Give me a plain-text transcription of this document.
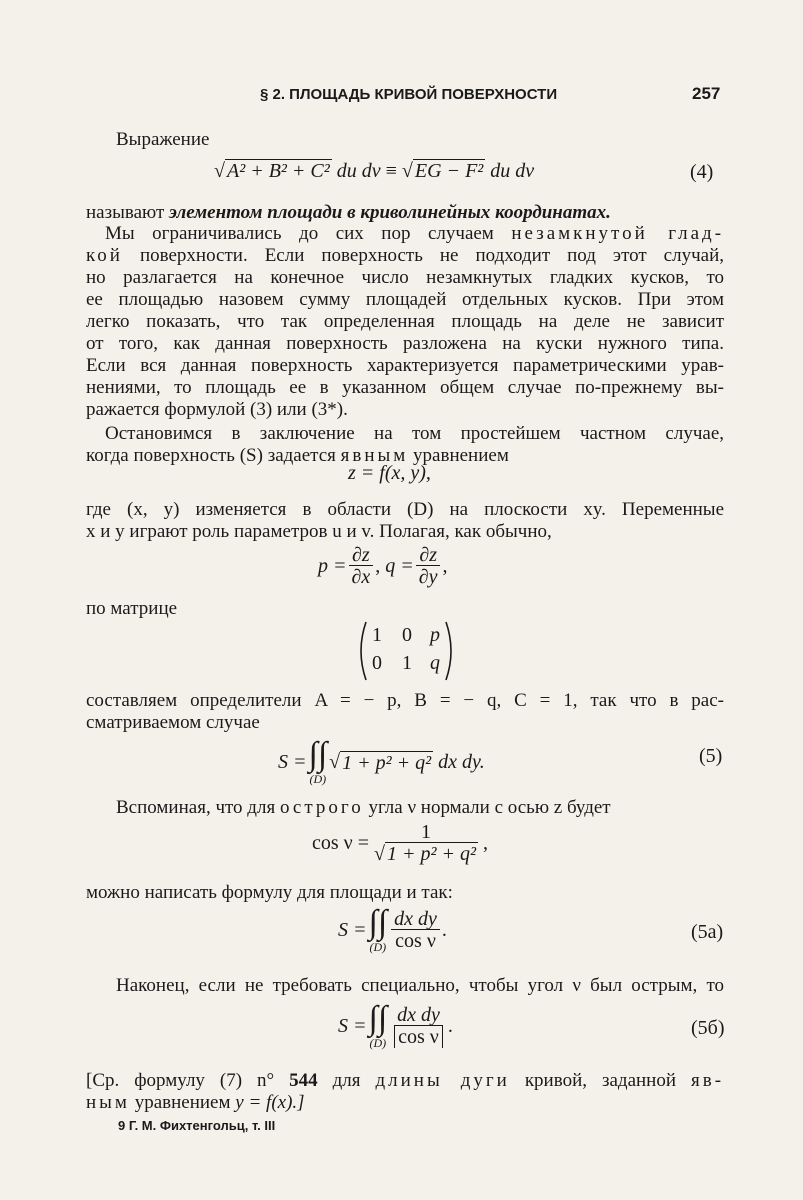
§ 2. ПЛОЩАДЬ КРИВОЙ ПОВЕРХНОСТИ	257
Выражение
√ A² + B² + C² du dv ≡ √ EG − F² du dv	(4)
называют элементом площади в криволинейных координатах.
 Мы ограничивались до сих пор случаем незамкнутой глад-
кой поверхности. Если поверхность не подходит под этот случай,
но разлагается на конечное число незамкнутых гладких кусков, то
ее площадью назовем сумму площадей отдельных кусков. При этом
легко показать, что так определенная площадь на деле не зависит
от того, как данная поверхность разложена на куски нужного типа.
Если вся данная поверхность характеризуется параметрическими урав-
нениями, то площадь ее в указанном общем случае по-прежнему вы-
ражается формулой (3) или (3*).
 Остановимся в заключение на том простейшем частном случае,
когда поверхность (S) задается явным уравнением
z = f(x, y),
где (x, y) изменяется в области (D) на плоскости xy. Переменные
x и y играют роль параметров u и v. Полагая, как обычно,
$p = \frac{\partial z}{\partial x}$ ,
$q = \frac{\partial z}{\partial y}$ ,
по матрице
1 0 p
0 1 q
составляем определители A = − p, B = − q, C = 1, так что в рас-
сматриваемом случае
S = ∫∫
(D)
√ 1 + p² + q²
dx dy.	(5)
Вспоминая, что для острого угла ν нормали с осью z будет
$\cos \nu = \frac{1}{\text{√ 1 + p² + q²}}$ ,
можно написать формулу для площади и так:
S = ∫∫
$(D) \frac{\text{dx dy}}{\text{cos ν}}$ .	(5a)
Наконец, если не требовать специально, чтобы угол ν был острым, то
S = ∫∫
$(D) \frac{\text{dx dy}}{\text{cos ν}}$ .	(5б)
[Ср. формулу (7) n° 544 для длины дуги кривой, заданной яв-
ным уравнением y = f(x).]
9 Г. М. Фихтенгольц, т. III
